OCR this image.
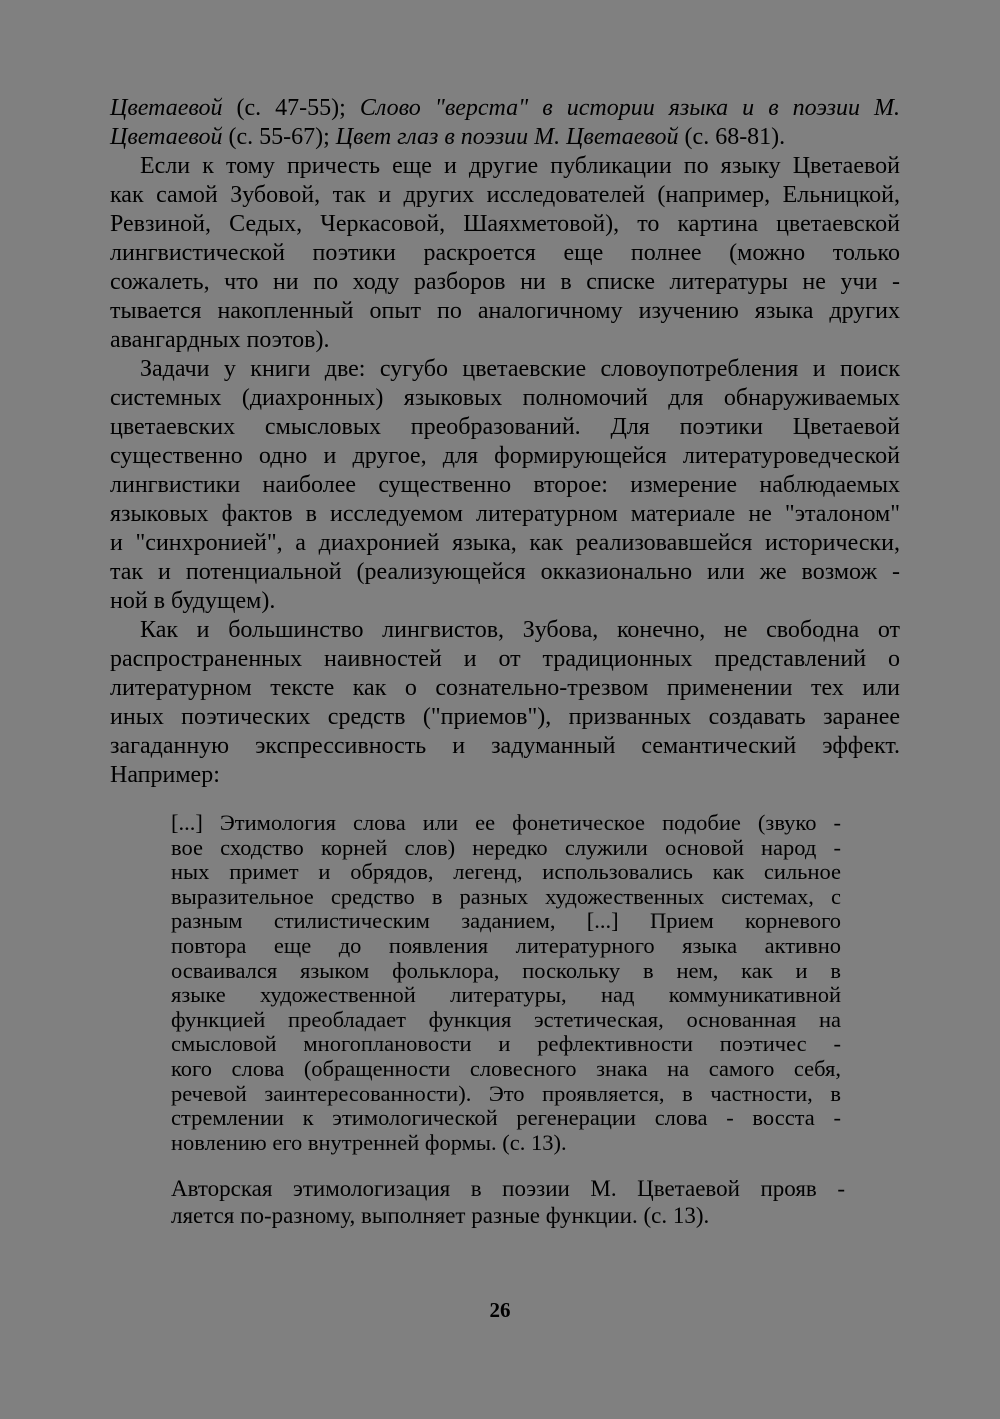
Цветаевой (с. 47-55); Слово "верста" в истории языка и в поэзии М.
Цветаевой (с. 55-67); Цвет глаз в поэзии М. Цветаевой (с. 68-81).
Если к тому причесть еще и другие публикации по языку Цветаевой
как самой Зубовой, так и других исследователей (например, Ельницкой,
Ревзиной, Седых, Черкасовой, Шаяхметовой), то картина цветаевской
лингвистической поэтики раскроется еще полнее (можно только
сожалеть, что ни по ходу разборов ни в списке литературы не учи -
тывается накопленный опыт по аналогичному изучению языка других
авангардных поэтов).
Задачи у книги две: сугубо цветаевские словоупотребления и поиск
системных (диахронных) языковых полномочий для обнаруживаемых
цветаевских смысловых преобразований. Для поэтики Цветаевой
существенно одно и другое, для формирующейся литературоведческой
лингвистики наиболее существенно второе: измерение наблюдаемых
языковых фактов в исследуемом литературном материале не "эталоном"
и "синхронией", а диахронией языка, как реализовавшейся исторически,
так и потенциальной (реализующейся окказионально или же возмож -
ной в будущем).
Как и большинство лингвистов, Зубова, конечно, не свободна от
распространенных наивностей и от традиционных представлений о
литературном тексте как о сознательно-трезвом применении тех или
иных поэтических средств ("приемов"), призванных создавать заранее
загаданную экспрессивность и задуманный семантический эффект.
Например:
[...] Этимология слова или ее фонетическое подобие (звуко -
вое сходство корней слов) нередко служили основой народ -
ных примет и обрядов, легенд, использовались как сильное
выразительное средство в разных художественных системах, с
разным стилистическим заданием, [...] Прием корневого
повтора еще до появления литературного языка активно
осваивался языком фольклора, поскольку в нем, как и в
языке художественной литературы, над коммуникативной
функцией преобладает функция эстетическая, основанная на
смысловой многоплановости и рефлективности поэтичес -
кого слова (обращенности словесного знака на самого себя,
речевой заинтересованности). Это проявляется, в частности, в
стремлении к этимологической регенерации слова - восста -
новлению его внутренней формы. (с. 13).
Авторская этимологизация в поэзии М. Цветаевой прояв -
ляется по-разному, выполняет разные функции. (с. 13).
26
